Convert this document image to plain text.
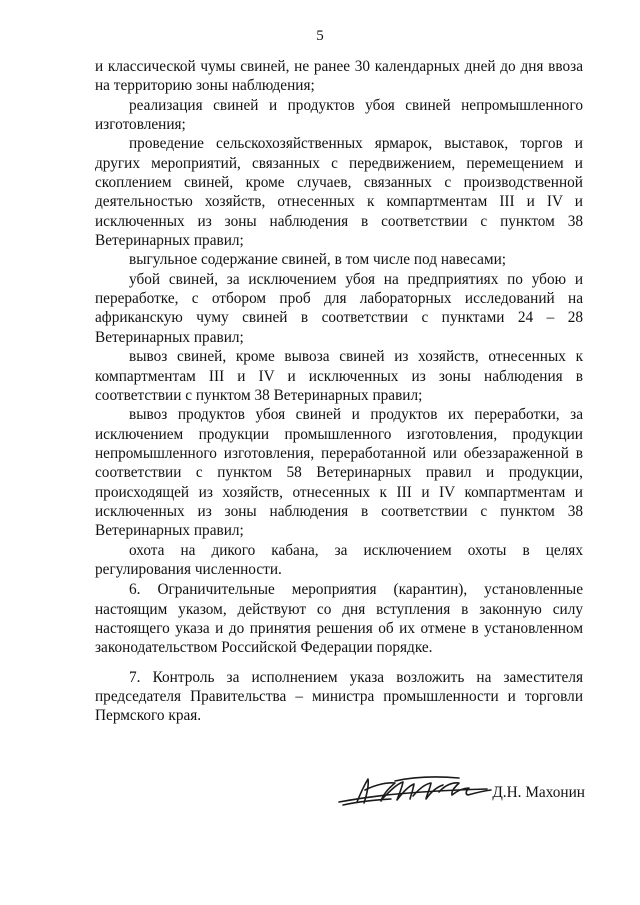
5

и классической чумы свиней, не ранее 30 календарных дней до дня ввоза на территорию зоны наблюдения;

реализация свиней и продуктов убоя свиней непромышленного изготовления;

проведение сельскохозяйственных ярмарок, выставок, торгов и других мероприятий, связанных с передвижением, перемещением и скоплением свиней, кроме случаев, связанных с производственной деятельностью хозяйств, отнесенных к компартментам III и IV и исключенных из зоны наблюдения в соответствии с пунктом 38 Ветеринарных правил;

выгульное содержание свиней, в том числе под навесами;

убой свиней, за исключением убоя на предприятиях по убою и переработке, с отбором проб для лабораторных исследований на африканскую чуму свиней в соответствии с пунктами 24 – 28 Ветеринарных правил;

вывоз свиней, кроме вывоза свиней из хозяйств, отнесенных к компартментам III и IV и исключенных из зоны наблюдения в соответствии с пунктом 38 Ветеринарных правил;

вывоз продуктов убоя свиней и продуктов их переработки, за исключением продукции промышленного изготовления, продукции непромышленного изготовления, переработанной или обеззараженной в соответствии с пунктом 58 Ветеринарных правил и продукции, происходящей из хозяйств, отнесенных к III и IV компартментам и исключенных из зоны наблюдения в соответствии с пунктом 38 Ветеринарных правил;

охота на дикого кабана, за исключением охоты в целях регулирования численности.

6. Ограничительные мероприятия (карантин), установленные настоящим указом, действуют со дня вступления в законную силу настоящего указа и до принятия решения об их отмене в установленном законодательством Российской Федерации порядке.

7. Контроль за исполнением указа возложить на заместителя председателя Правительства – министра промышленности и торговли Пермского края.

Д.Н. Махонин
